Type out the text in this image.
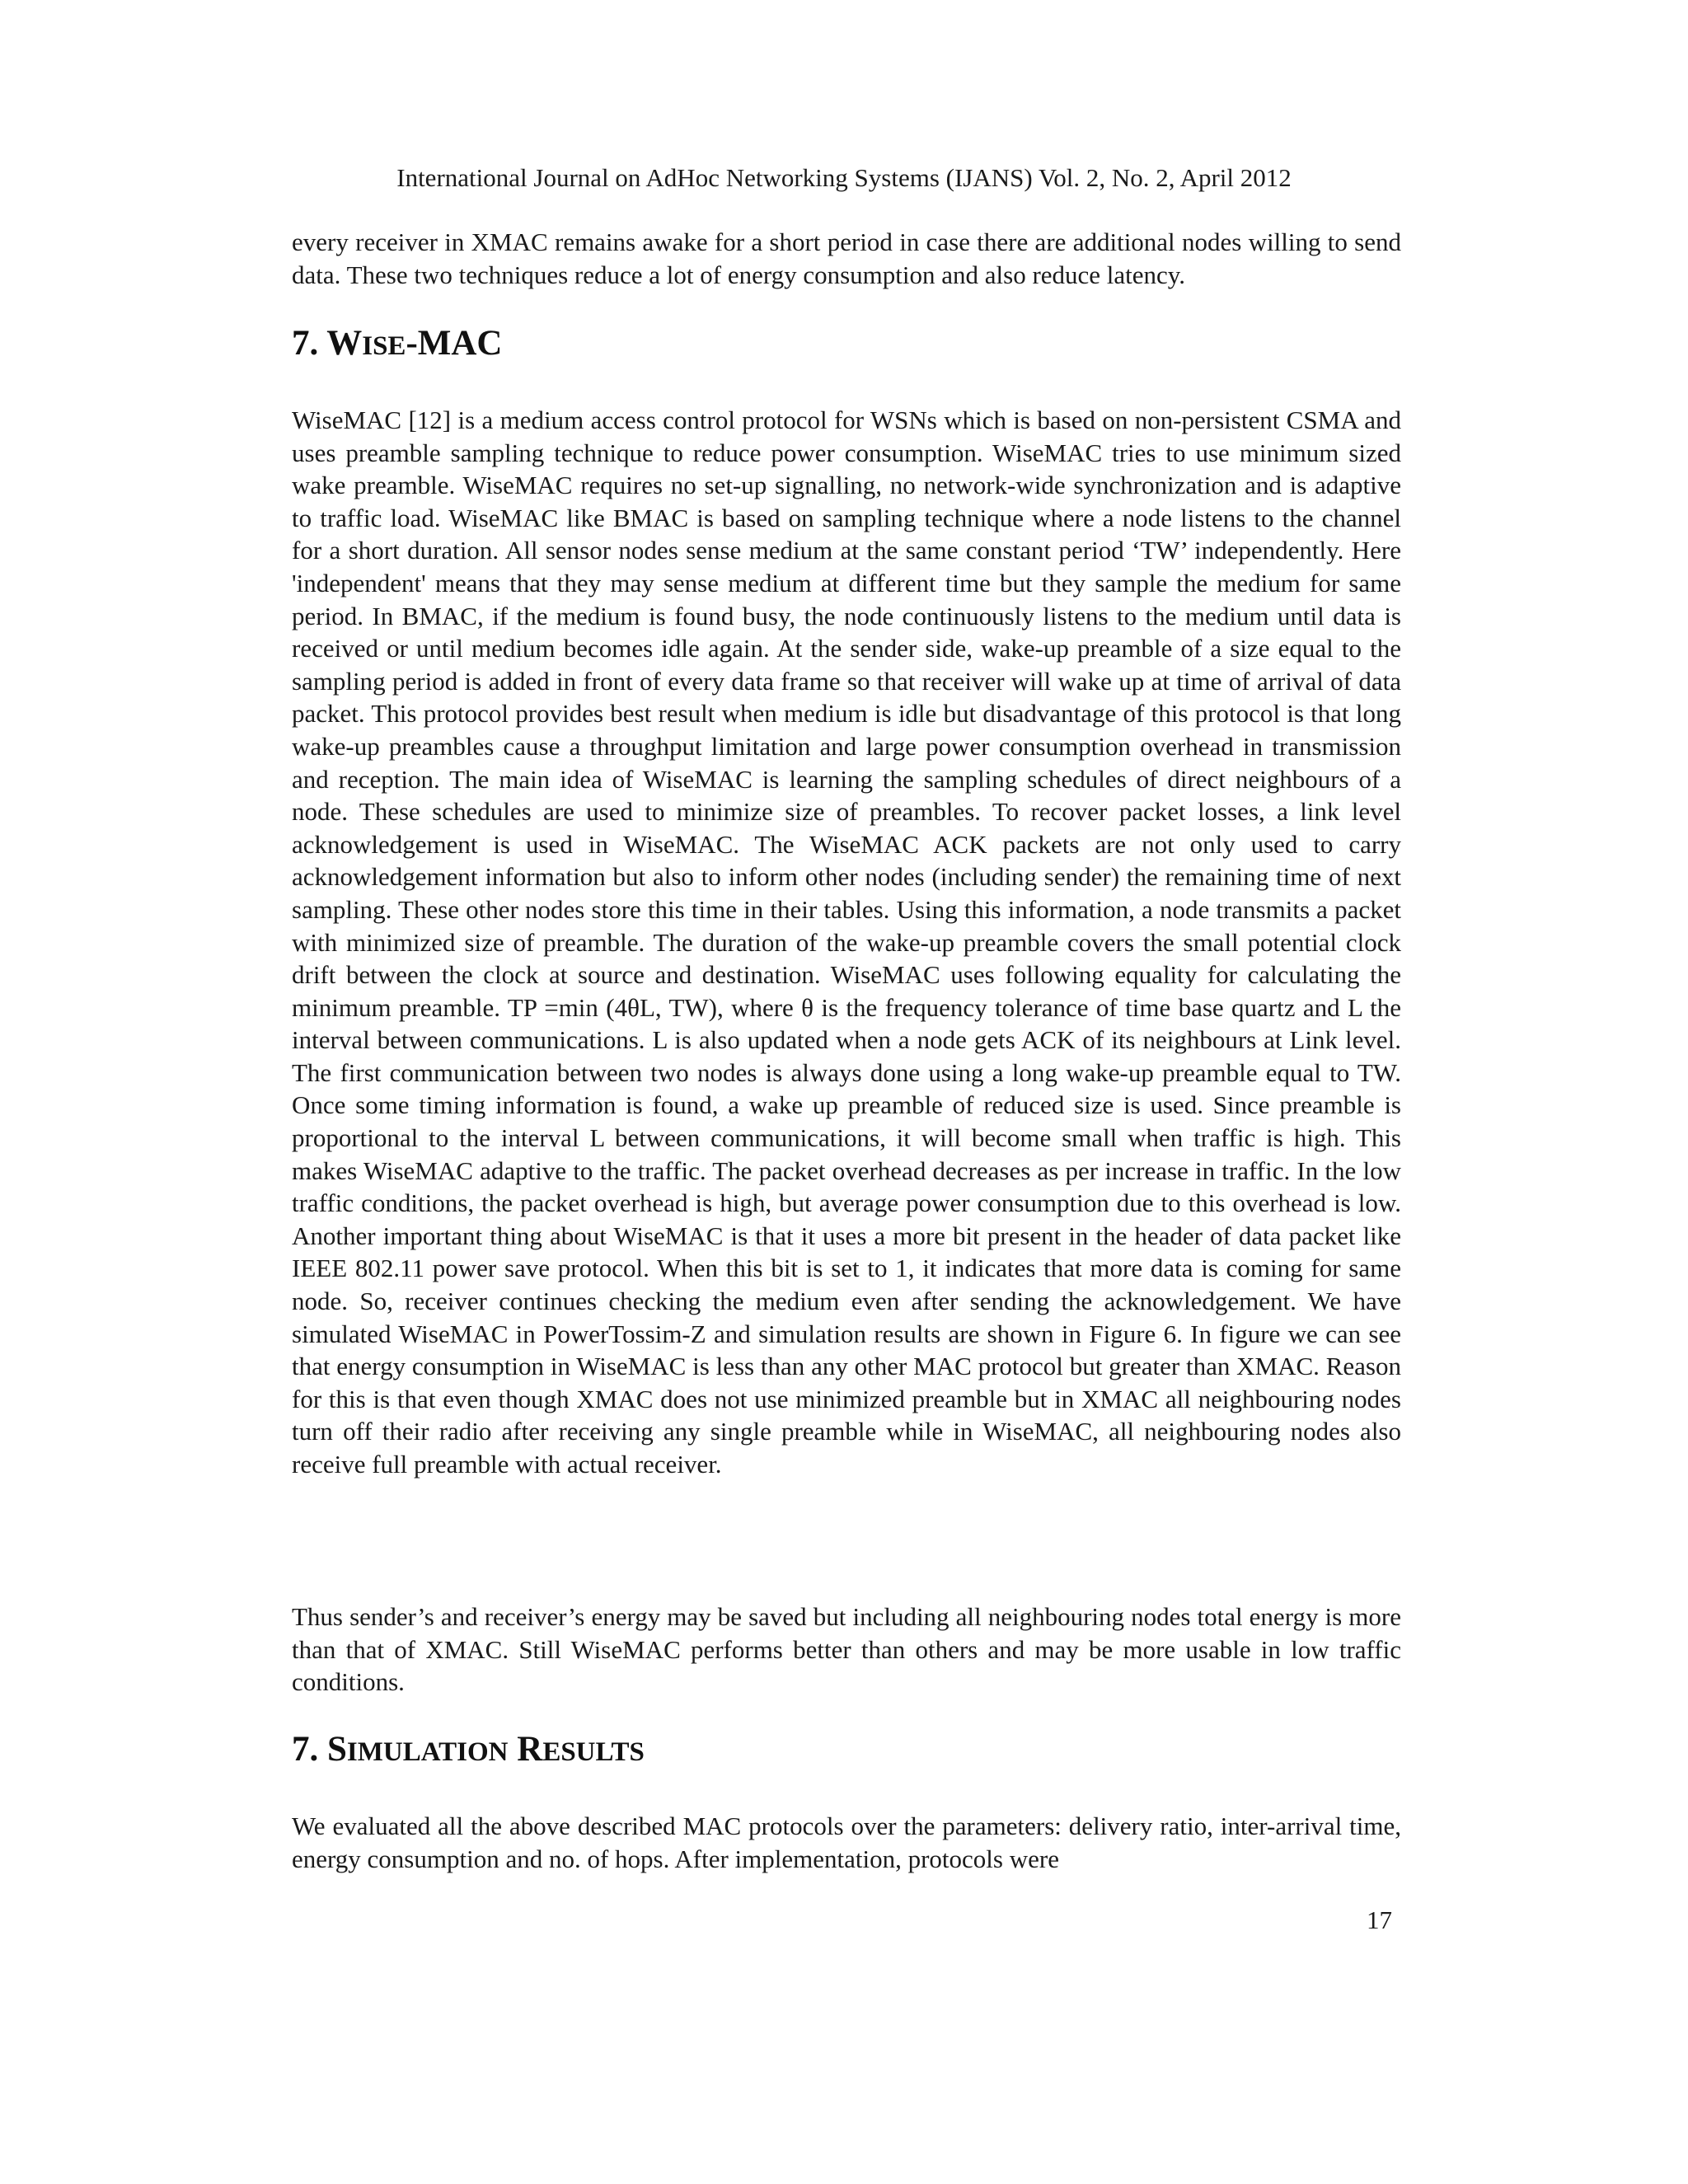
International Journal on AdHoc Networking Systems (IJANS) Vol. 2, No. 2, April 2012

every receiver in XMAC remains awake for a short period in case there are additional nodes willing to send data. These two techniques reduce a lot of energy consumption and also reduce latency.

7. WISE-MAC

WiseMAC [12] is a medium access control protocol for WSNs which is based on non-persistent CSMA and uses preamble sampling technique to reduce power consumption. WiseMAC tries to use minimum sized wake preamble. WiseMAC requires no set-up signalling, no network-wide synchronization and is adaptive to traffic load. WiseMAC like BMAC is based on sampling technique where a node listens to the channel for a short duration. All sensor nodes sense medium at the same constant period ‘TW’ independently. Here 'independent' means that they may sense medium at different time but they sample the medium for same period. In BMAC, if the medium is found busy, the node continuously listens to the medium until data is received or until medium becomes idle again. At the sender side, wake-up preamble of a size equal to the sampling period is added in front of every data frame so that receiver will wake up at time of arrival of data packet. This protocol provides best result when medium is idle but disadvantage of this protocol is that long wake-up preambles cause a throughput limitation and large power consumption overhead in transmission and reception. The main idea of WiseMAC is learning the sampling schedules of direct neighbours of a node. These schedules are used to minimize size of preambles. To recover packet losses, a link level acknowledgement is used in WiseMAC. The WiseMAC ACK packets are not only used to carry acknowledgement information but also to inform other nodes (including sender) the remaining time of next sampling. These other nodes store this time in their tables. Using this information, a node transmits a packet with minimized size of preamble. The duration of the wake-up preamble covers the small potential clock drift between the clock at source and destination. WiseMAC uses following equality for calculating the minimum preamble. TP =min (4θL, TW), where θ is the frequency tolerance of time base quartz and L the interval between communications. L is also updated when a node gets ACK of its neighbours at Link level. The first communication between two nodes is always done using a long wake-up preamble equal to TW. Once some timing information is found, a wake up preamble of reduced size is used. Since preamble is proportional to the interval L between communications, it will become small when traffic is high. This makes WiseMAC adaptive to the traffic. The packet overhead decreases as per increase in traffic. In the low traffic conditions, the packet overhead is high, but average power consumption due to this overhead is low. Another important thing about WiseMAC is that it uses a more bit present in the header of data packet like IEEE 802.11 power save protocol. When this bit is set to 1, it indicates that more data is coming for same node. So, receiver continues checking the medium even after sending the acknowledgement. We have simulated WiseMAC in PowerTossim-Z and simulation results are shown in Figure 6. In figure we can see that energy consumption in WiseMAC is less than any other MAC protocol but greater than XMAC. Reason for this is that even though XMAC does not use minimized preamble but in XMAC all neighbouring nodes turn off their radio after receiving any single preamble while in WiseMAC, all neighbouring nodes also receive full preamble with actual receiver.

Thus sender’s and receiver’s energy may be saved but including all neighbouring nodes total energy is more than that of XMAC. Still WiseMAC performs better than others and may be more usable in low traffic conditions.

7. SIMULATION RESULTS

We evaluated all the above described MAC protocols over the parameters: delivery ratio, inter-arrival time, energy consumption and no. of hops. After implementation, protocols were

17
